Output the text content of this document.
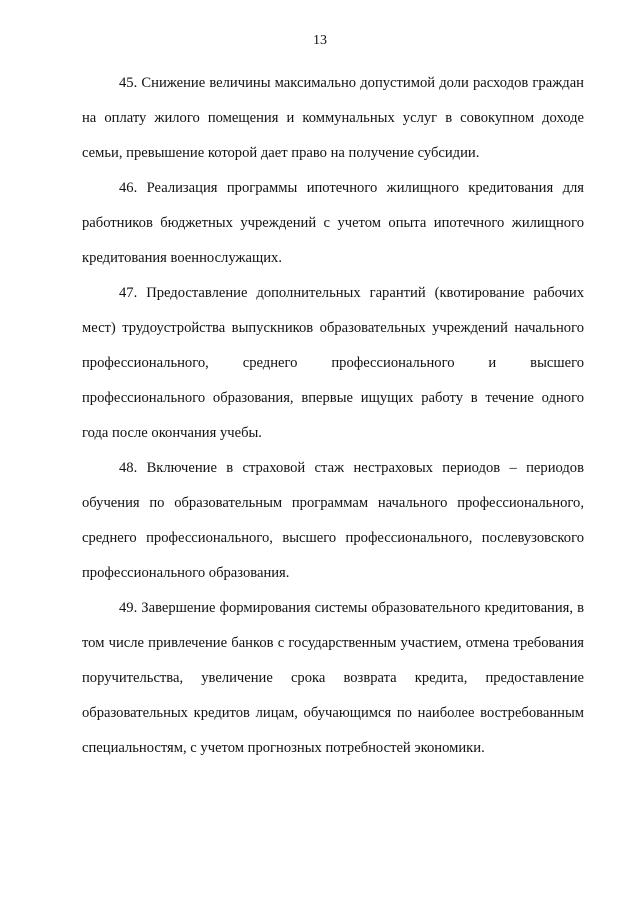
13

45. Снижение величины максимально допустимой доли расходов граждан на оплату жилого помещения и коммунальных услуг в совокупном доходе семьи, превышение которой дает право на получение субсидии.

46. Реализация программы ипотечного жилищного кредитования для работников бюджетных учреждений с учетом опыта ипотечного жилищного кредитования военнослужащих.

47. Предоставление дополнительных гарантий (квотирование рабочих мест) трудоустройства выпускников образовательных учреждений начального профессионального, среднего профессионального и высшего профессионального образования, впервые ищущих работу в течение одного года после окончания учебы.

48. Включение в страховой стаж нестраховых периодов – периодов обучения по образовательным программам начального профессионального, среднего профессионального, высшего профессионального, послевузовского профессионального образования.

49. Завершение формирования системы образовательного кредитования, в том числе привлечение банков с государственным участием, отмена требования поручительства, увеличение срока возврата кредита, предоставление образовательных кредитов лицам, обучающимся по наиболее востребованным специальностям, с учетом прогнозных потребностей экономики.
